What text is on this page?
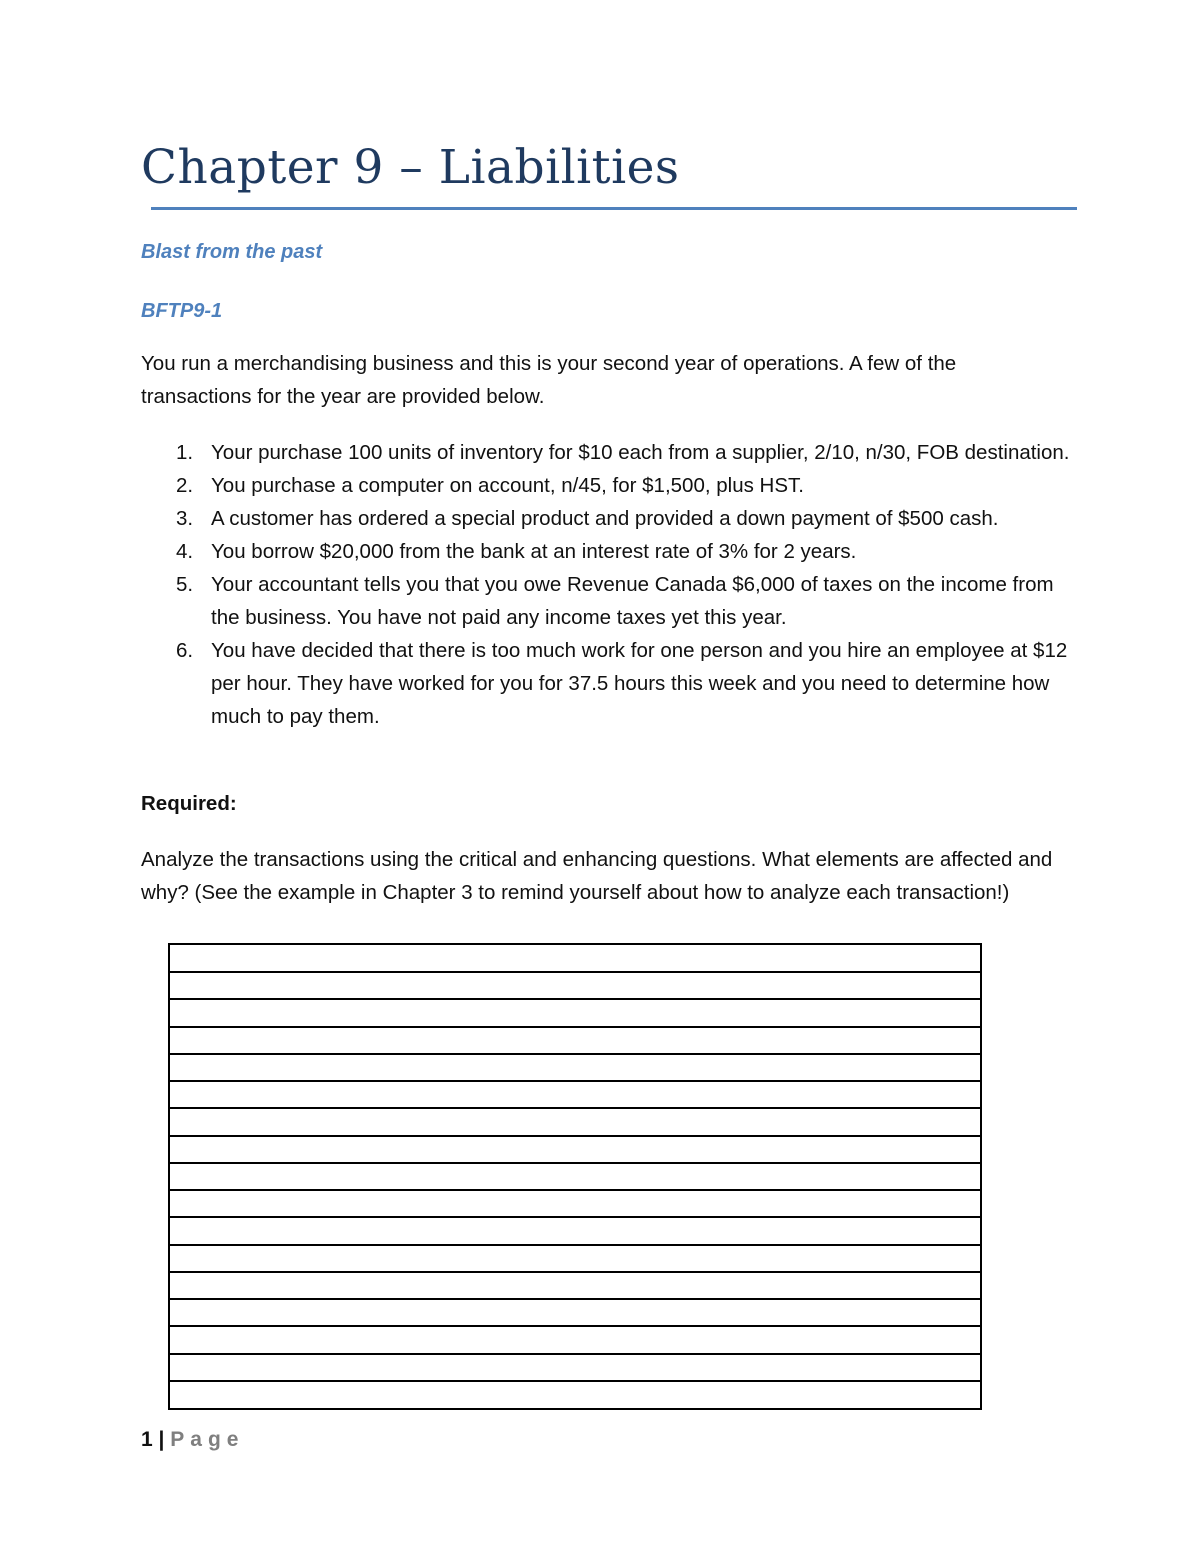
Chapter 9 – Liabilities
Blast from the past
BFTP9-1
You run a merchandising business and this is your second year of operations. A few of the transactions for the year are provided below.
1. Your purchase 100 units of inventory for $10 each from a supplier, 2/10, n/30, FOB destination.
2. You purchase a computer on account, n/45, for $1,500, plus HST.
3. A customer has ordered a special product and provided a down payment of $500 cash.
4. You borrow $20,000 from the bank at an interest rate of 3% for 2 years.
5. Your accountant tells you that you owe Revenue Canada $6,000 of taxes on the income from the business. You have not paid any income taxes yet this year.
6. You have decided that there is too much work for one person and you hire an employee at $12 per hour. They have worked for you for 37.5 hours this week and you need to determine how much to pay them.
Required:
Analyze the transactions using the critical and enhancing questions. What elements are affected and why? (See the example in Chapter 3 to remind yourself about how to analyze each transaction!)
1 | Page
